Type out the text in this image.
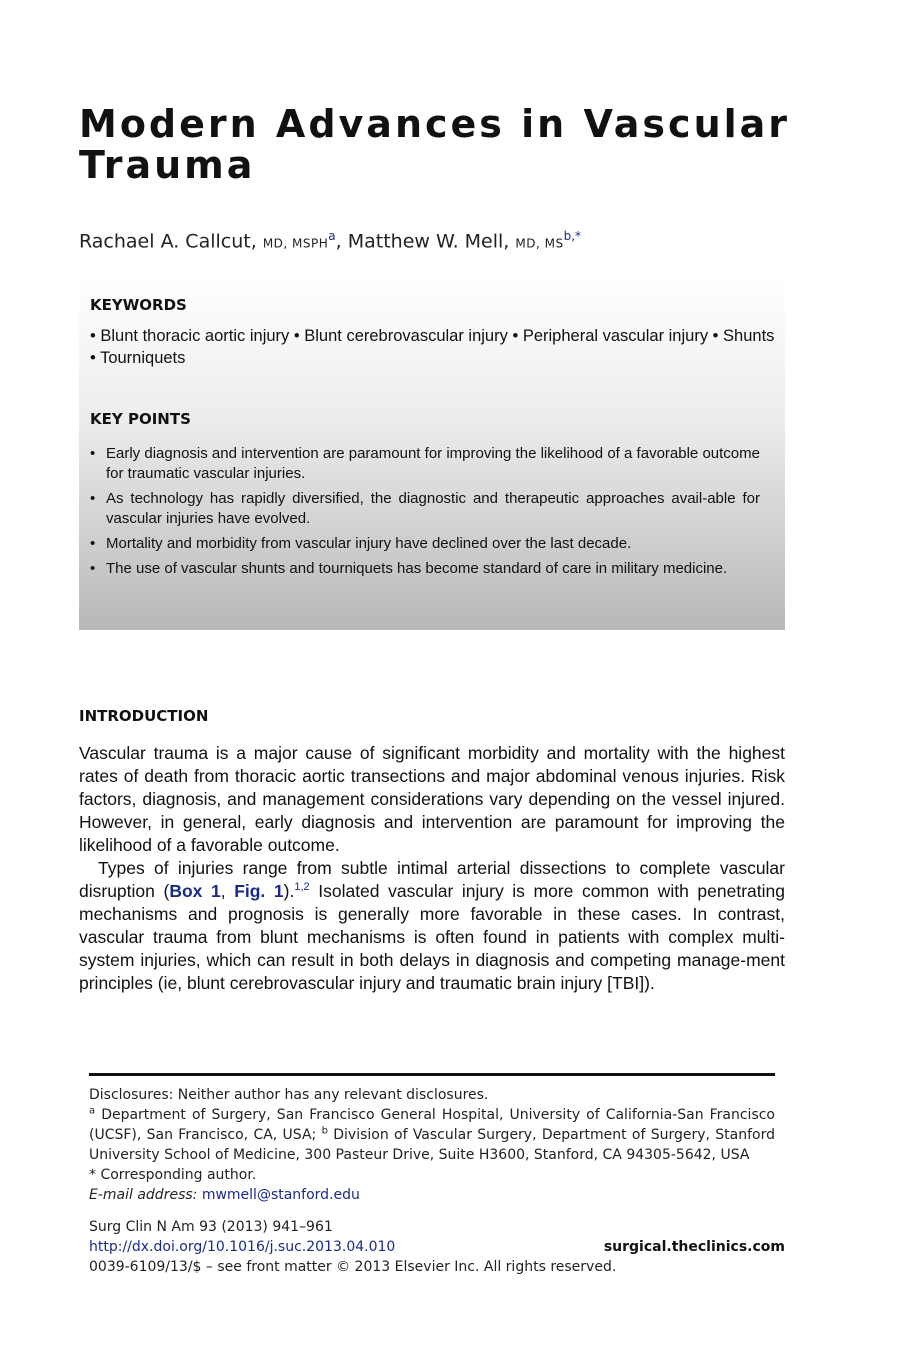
Modern Advances in Vascular Trauma
Rachael A. Callcut, MD, MSPH$^a$, Matthew W. Mell, MD, $MS^{b,*}$
KEYWORDS

• Blunt thoracic aortic injury • Blunt cerebrovascular injury • Peripheral vascular injury • Shunts • Tourniquets

KEY POINTS
• Early diagnosis and intervention are paramount for improving the likelihood of a favorable outcome for traumatic vascular injuries.
• As technology has rapidly diversified, the diagnostic and therapeutic approaches avail-able for vascular injuries have evolved.
• Mortality and morbidity from vascular injury have declined over the last decade.
• The use of vascular shunts and tourniquets has become standard of care in military medicine.
INTRODUCTION

Vascular trauma is a major cause of significant morbidity and mortality with the highest rates of death from thoracic aortic transections and major abdominal venous injuries. Risk factors, diagnosis, and management considerations vary depending on the vessel injured. However, in general, early diagnosis and intervention are paramount for improving the likelihood of a favorable outcome.

Types of injuries range from subtle intimal arterial dissections to complete vascular disruption (Box 1, Fig. 1).$^{1,2}$ Isolated vascular injury is more common with penetrating mechanisms and prognosis is generally more favorable in these cases. In contrast, vascular trauma from blunt mechanisms is often found in patients with complex multi-system injuries, which can result in both delays in diagnosis and competing manage-ment principles (ie, blunt cerebrovascular injury and traumatic brain injury [TBI]).

Disclosures: Neither author has any relevant disclosures.

$^a$ Department of Surgery, San Francisco General Hospital, University of California-San Francisco (UCSF), San Francisco, CA, USA; $^b$ Division of Vascular Surgery, Department of Surgery, Stanford University School of Medicine, 300 Pasteur Drive, Suite H3600, Stanford, CA 94305-5642, USA

* Corresponding author.

E-mail address: mwmell@stanford.edu

Surg Clin N Am 93 (2013) 941–961

http://dx.doi.org/10.1016/j.suc.2013.04.010	surgical.theclinics.com

0039-6109/13/$ – see front matter © 2013 Elsevier Inc. All rights reserved.
